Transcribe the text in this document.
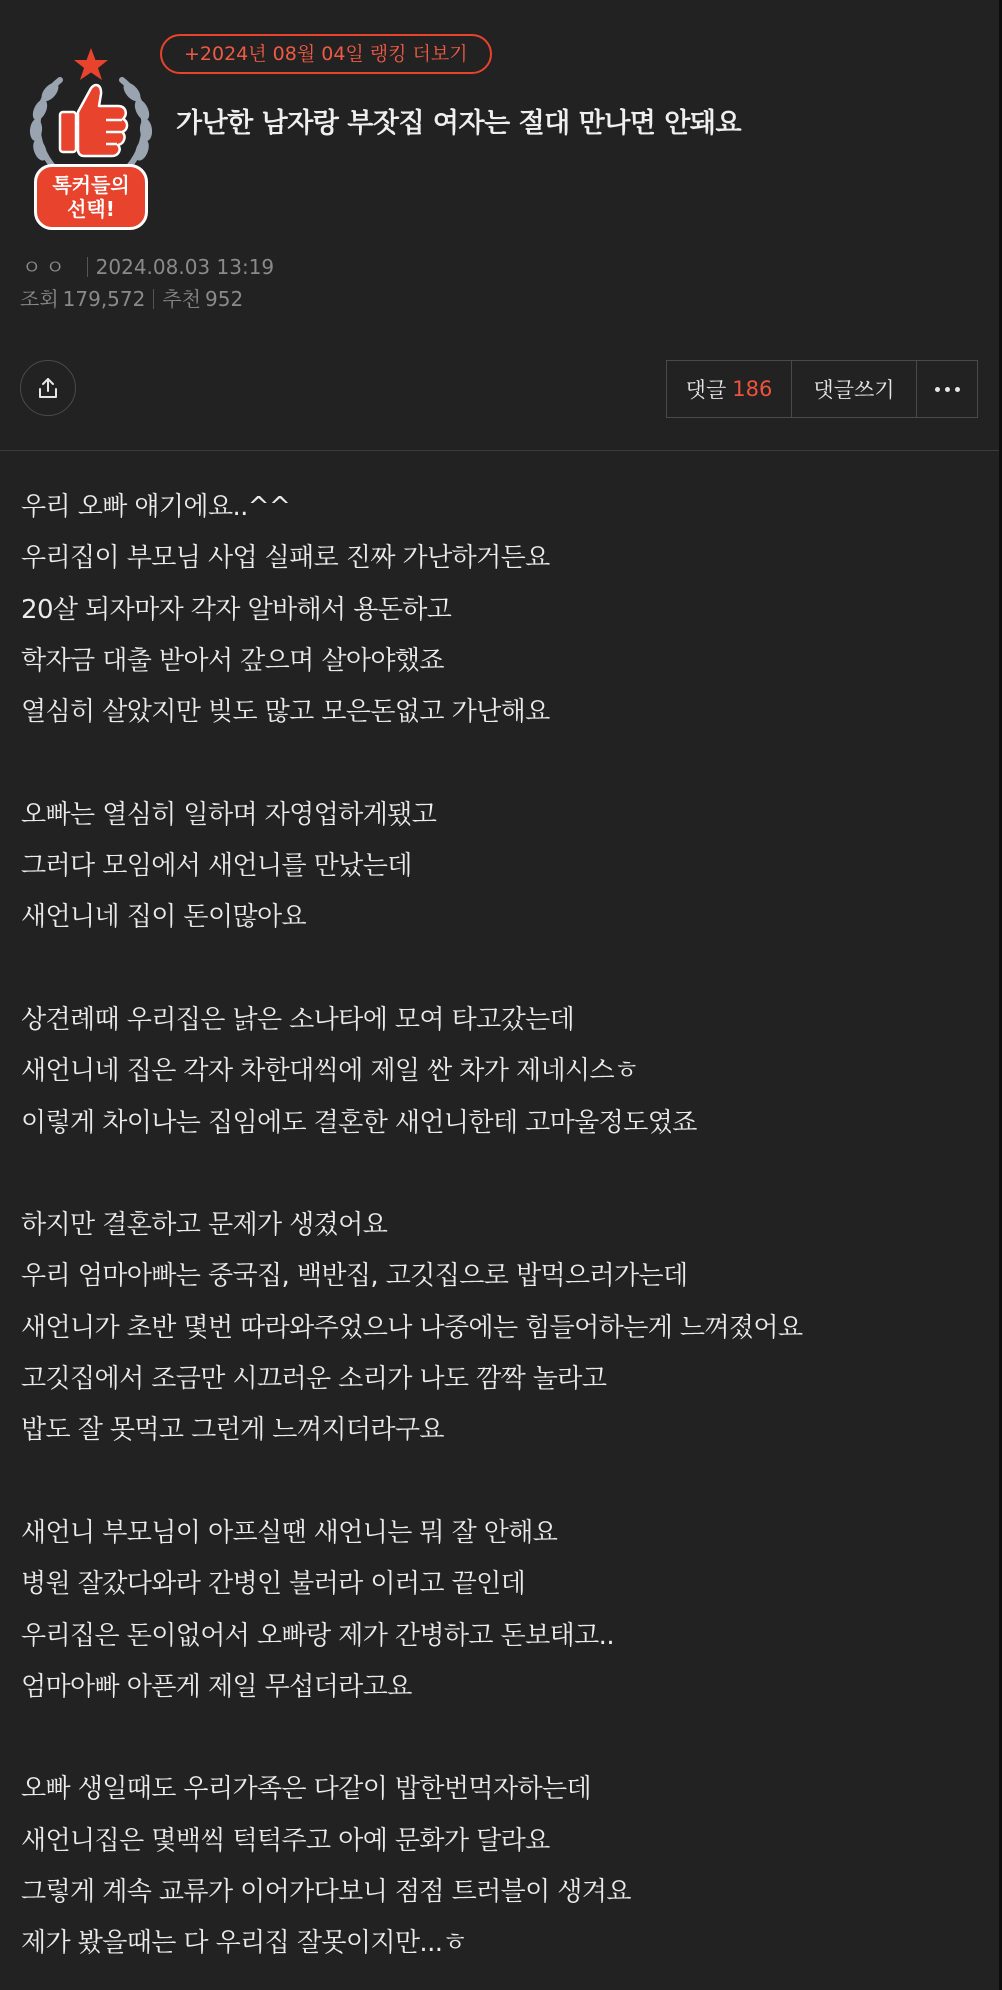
톡커들의
선택!
+2024년 08월 04일 랭킹 더보기
가난한 남자랑 부잣집 여자는 절대 만나면 안돼요
ㅇㅇ 2024.08.03 13:19
조회 179,572 추천 952
댓글 186 댓글쓰기
우리 오빠 얘기에요..^^
우리집이 부모님 사업 실패로 진짜 가난하거든요
20살 되자마자 각자 알바해서 용돈하고
학자금 대출 받아서 갚으며 살아야했죠
열심히 살았지만 빚도 많고 모은돈없고 가난해요
오빠는 열심히 일하며 자영업하게됐고
그러다 모임에서 새언니를 만났는데
새언니네 집이 돈이많아요
상견례때 우리집은 낡은 소나타에 모여 타고갔는데
새언니네 집은 각자 차한대씩에 제일 싼 차가 제네시스ㅎ
이렇게 차이나는 집임에도 결혼한 새언니한테 고마울정도였죠
하지만 결혼하고 문제가 생겼어요
우리 엄마아빠는 중국집, 백반집, 고깃집으로 밥먹으러가는데
새언니가 초반 몇번 따라와주었으나 나중에는 힘들어하는게 느껴졌어요
고깃집에서 조금만 시끄러운 소리가 나도 깜짝 놀라고
밥도 잘 못먹고 그런게 느껴지더라구요
새언니 부모님이 아프실땐 새언니는 뭐 잘 안해요
병원 잘갔다와라 간병인 불러라 이러고 끝인데
우리집은 돈이없어서 오빠랑 제가 간병하고 돈보태고..
엄마아빠 아픈게 제일 무섭더라고요
오빠 생일때도 우리가족은 다같이 밥한번먹자하는데
새언니집은 몇백씩 턱턱주고 아예 문화가 달라요
그렇게 계속 교류가 이어가다보니 점점 트러블이 생겨요
제가 봤을때는 다 우리집 잘못이지만...ㅎ
